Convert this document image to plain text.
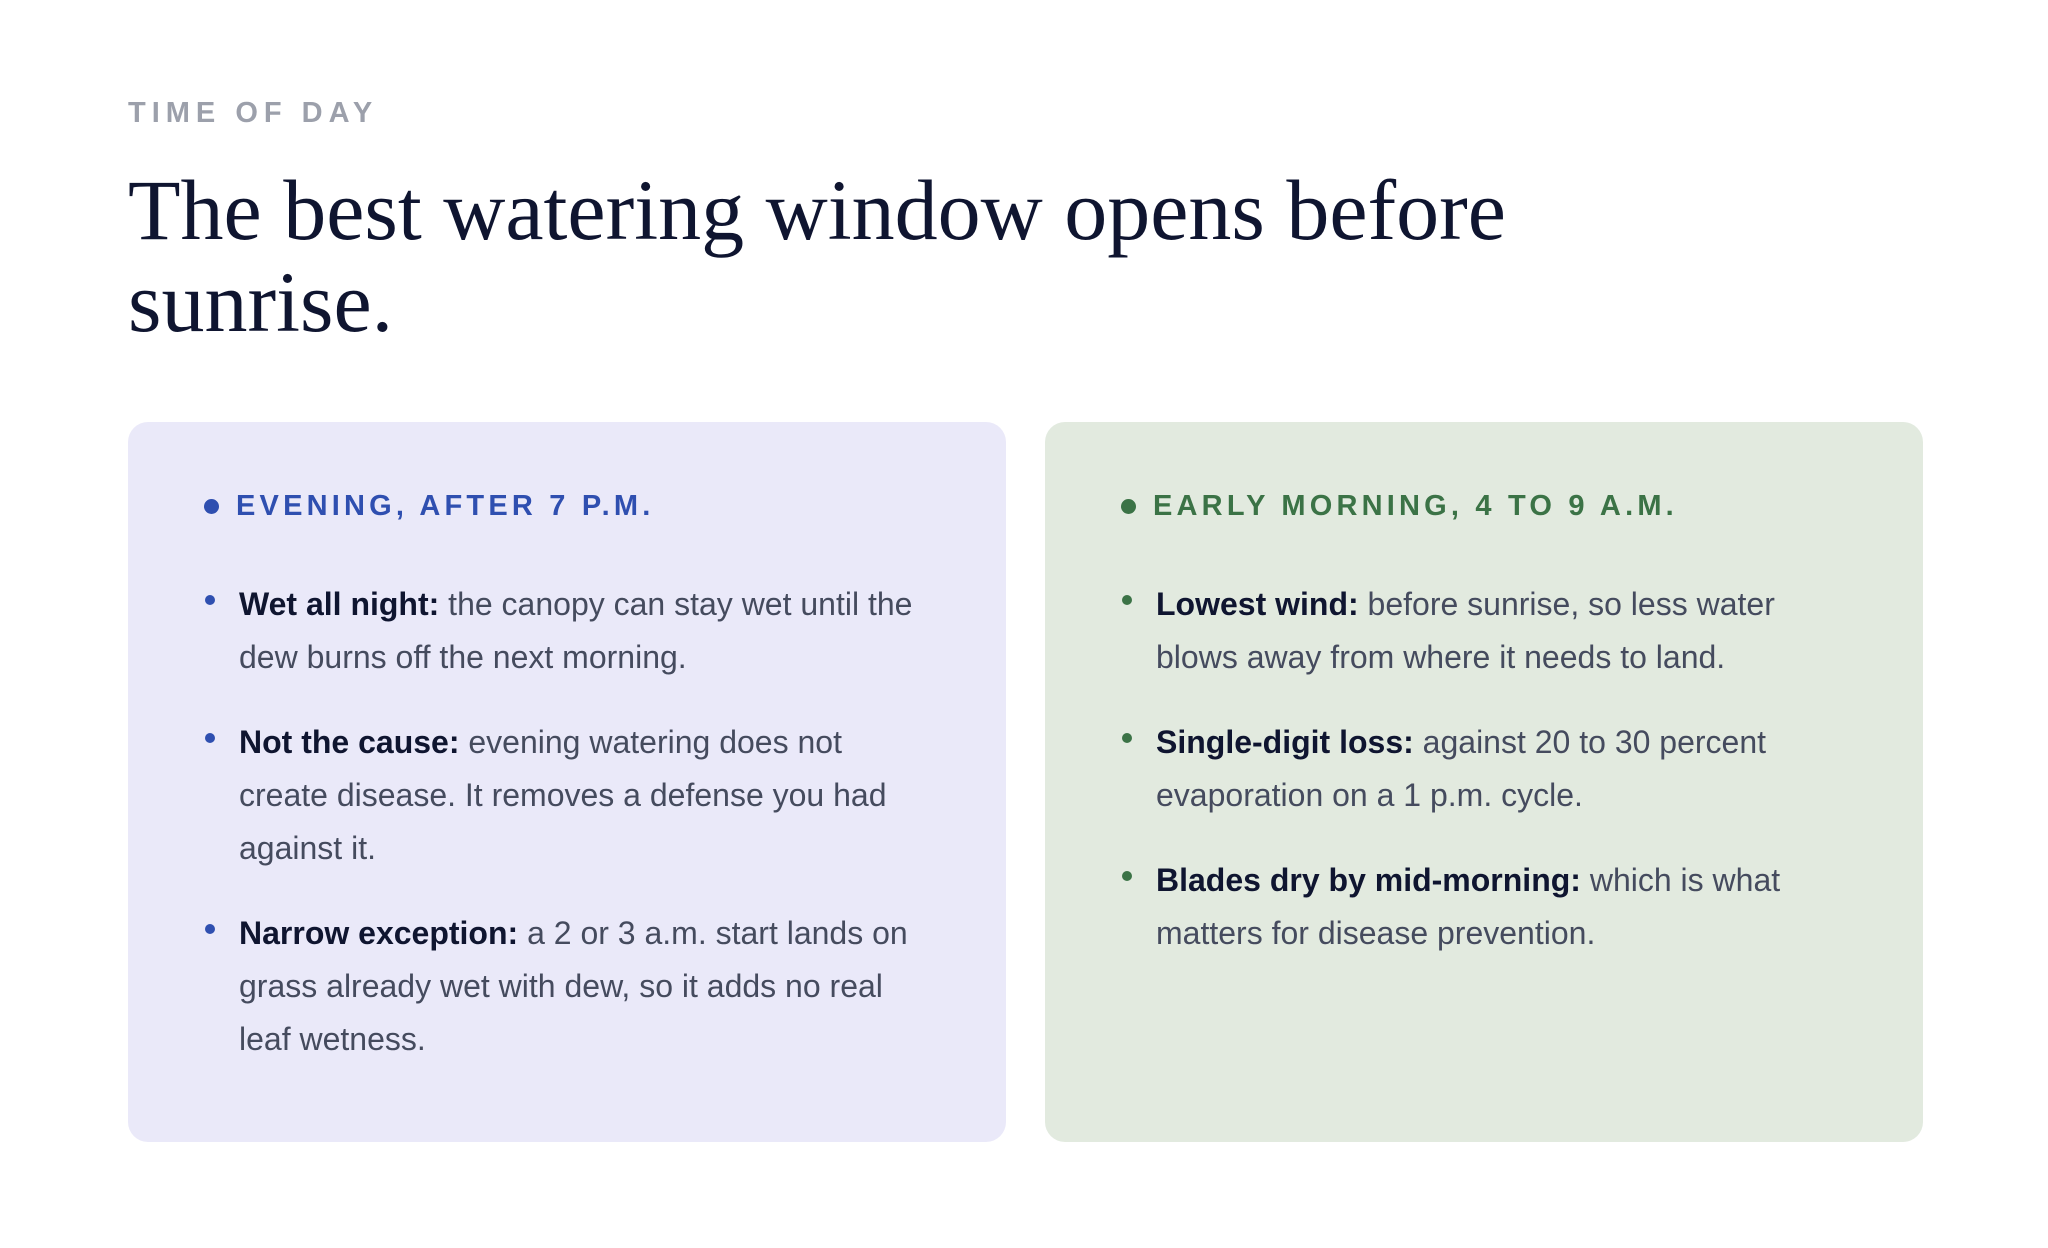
TIME OF DAY

The best watering window opens before sunrise.
EVENING, AFTER 7 P.M.
Wet all night: the canopy can stay wet until the dew burns off the next morning.
Not the cause: evening watering does not create disease. It removes a defense you had against it.
Narrow exception: a 2 or 3 a.m. start lands on grass already wet with dew, so it adds no real leaf wetness.
EARLY MORNING, 4 TO 9 A.M.
Lowest wind: before sunrise, so less water blows away from where it needs to land.
Single-digit loss: against 20 to 30 percent evaporation on a 1 p.m. cycle.
Blades dry by mid-morning: which is what matters for disease prevention.
